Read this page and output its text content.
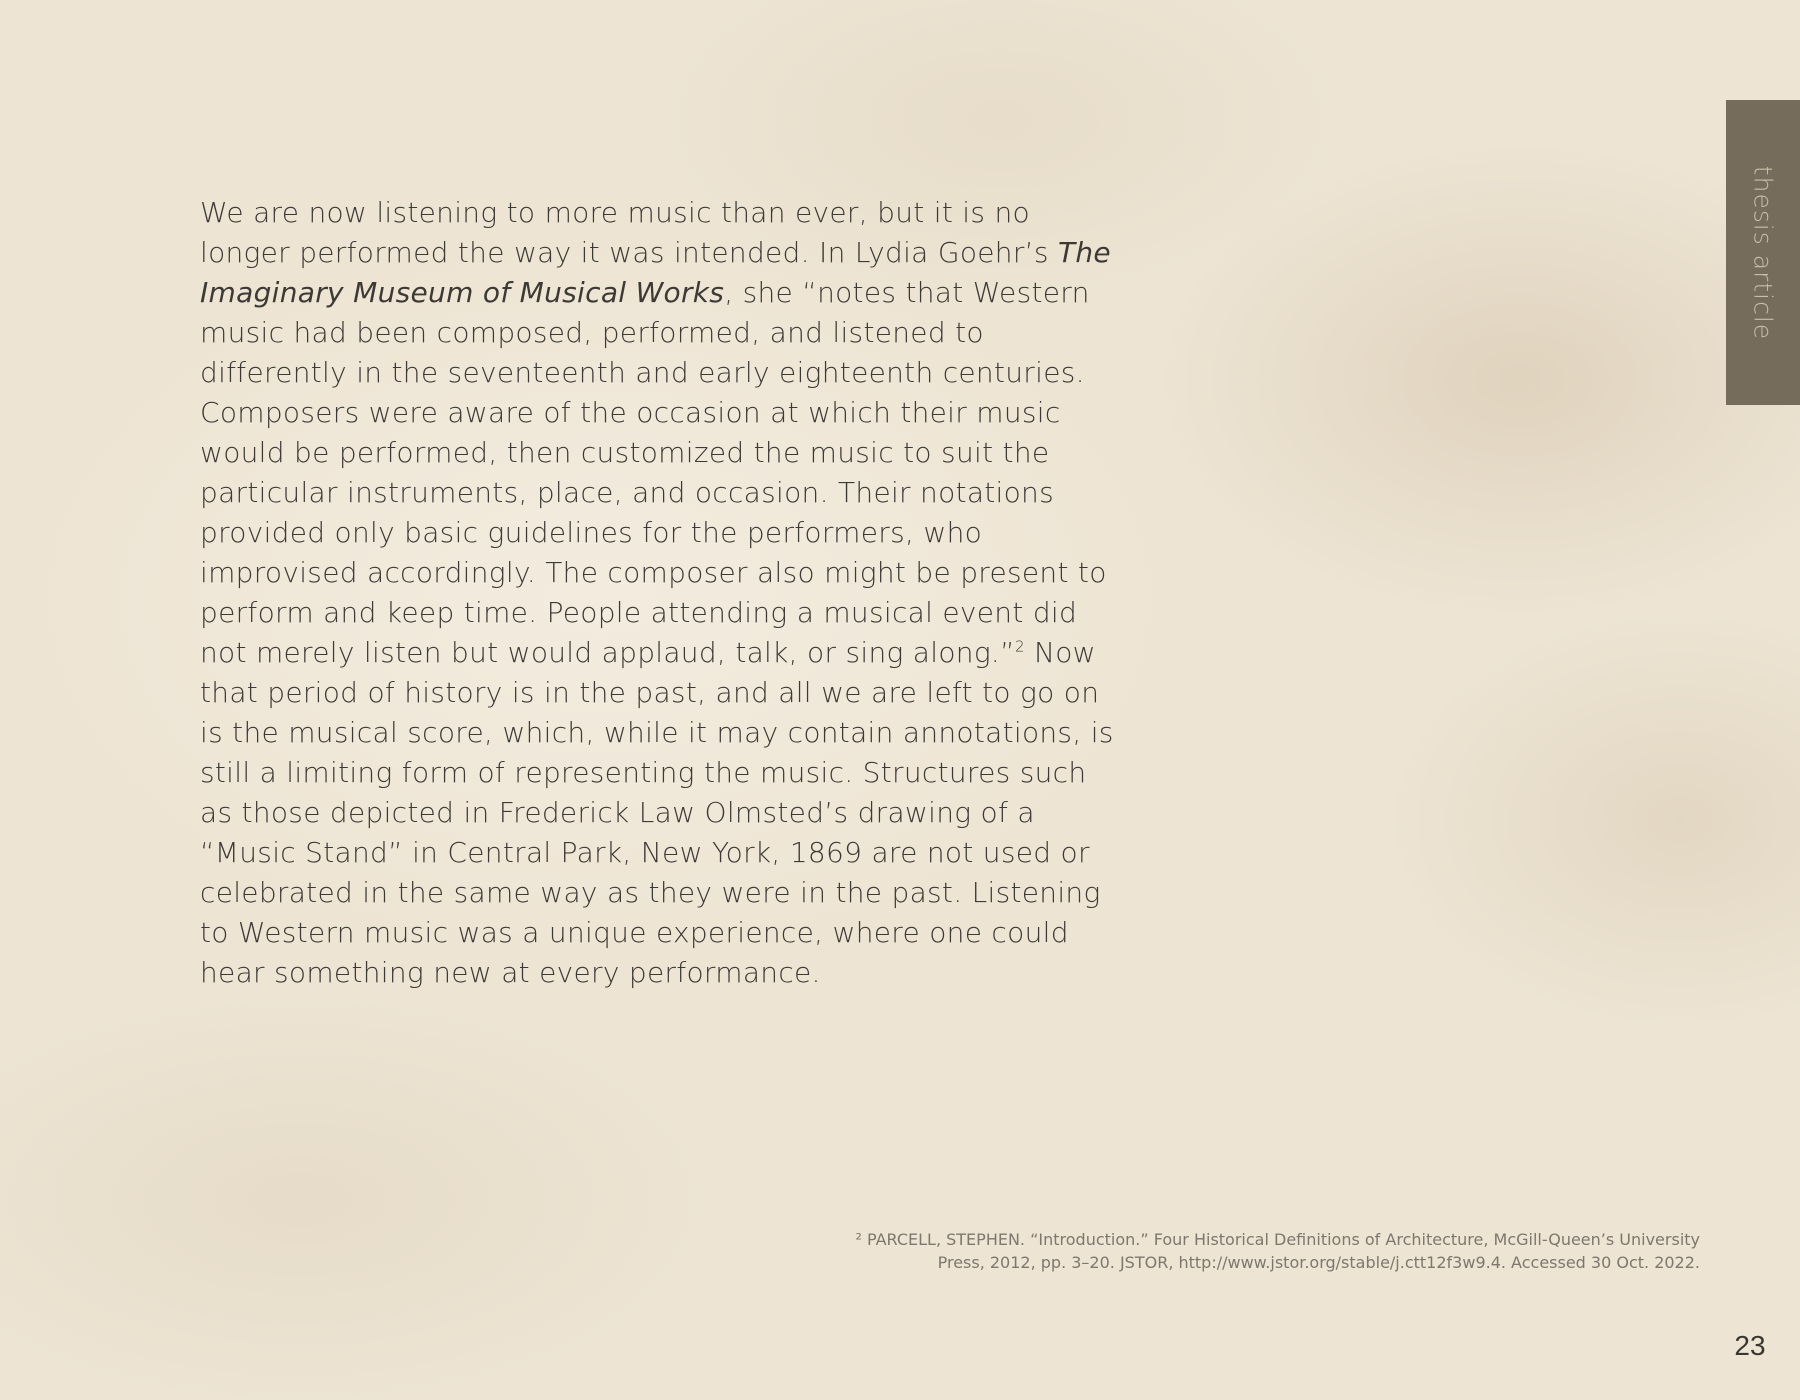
thesis article

We are now listening to more music than ever, but it is no longer performed the way it was intended. In Lydia Goehr’s The Imaginary Museum of Musical Works, she “notes that Western music had been composed, performed, and listened to differently in the seventeenth and early eighteenth centuries. Composers were aware of the occasion at which their music would be performed, then customized the music to suit the particular instruments, place, and occasion. Their notations provided only basic guidelines for the performers, who improvised accordingly. The composer also might be present to perform and keep time. People attending a musical event did not merely listen but would applaud, talk, or sing along.”$^2$ Now that period of history is in the past, and all we are left to go on is the musical score, which, while it may contain annotations, is still a limiting form of representing the music. Structures such as those depicted in Frederick Law Olmsted’s drawing of a “Music Stand” in Central Park, New York, 1869 are not used or celebrated in the same way as they were in the past. Listening to Western music was a unique experience, where one could hear something new at every performance.

² PARCELL, STEPHEN. “Introduction.” Four Historical Definitions of Architecture, McGill-Queen’s University Press, 2012, pp. 3–20. JSTOR, http://www.jstor.org/stable/j.ctt12f3w9.4. Accessed 30 Oct. 2022.

23
